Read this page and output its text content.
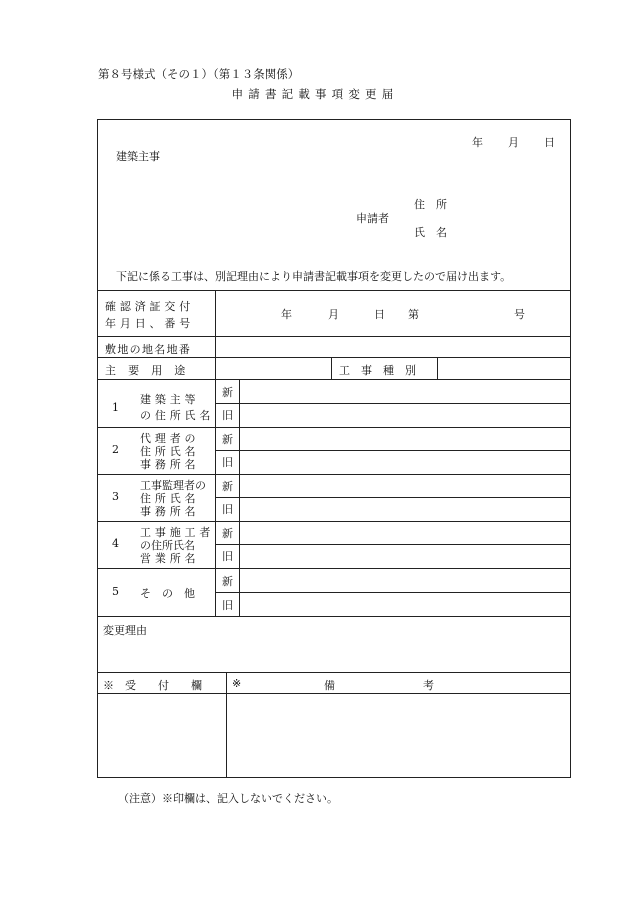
第８号様式（その１）（第１３条関係）
申請書記載事項変更届
年 月 日
建築主事
申請者
住　所
氏　名
下記に係る工事は、別記理由により申請書記載事項を変更したので届け出ます。
確認済証交付
年月日、番号
年	月	日 第	号
敷地の地名地番
主　要　用　途	工　事　種　別
1
建築主等
の住所氏名
新
旧
2
代理者の
住所氏名
事務所名
新
旧
3
工事監理者の
住所氏名
事務所名
新
旧
4
工事施工者
の住所氏名
営業所名
新
旧
5 そ　の　他
新
旧
変更理由
※　受　　付　　欄	※	備　　　　　　　　考
（注意）※印欄は、記入しないでください。
